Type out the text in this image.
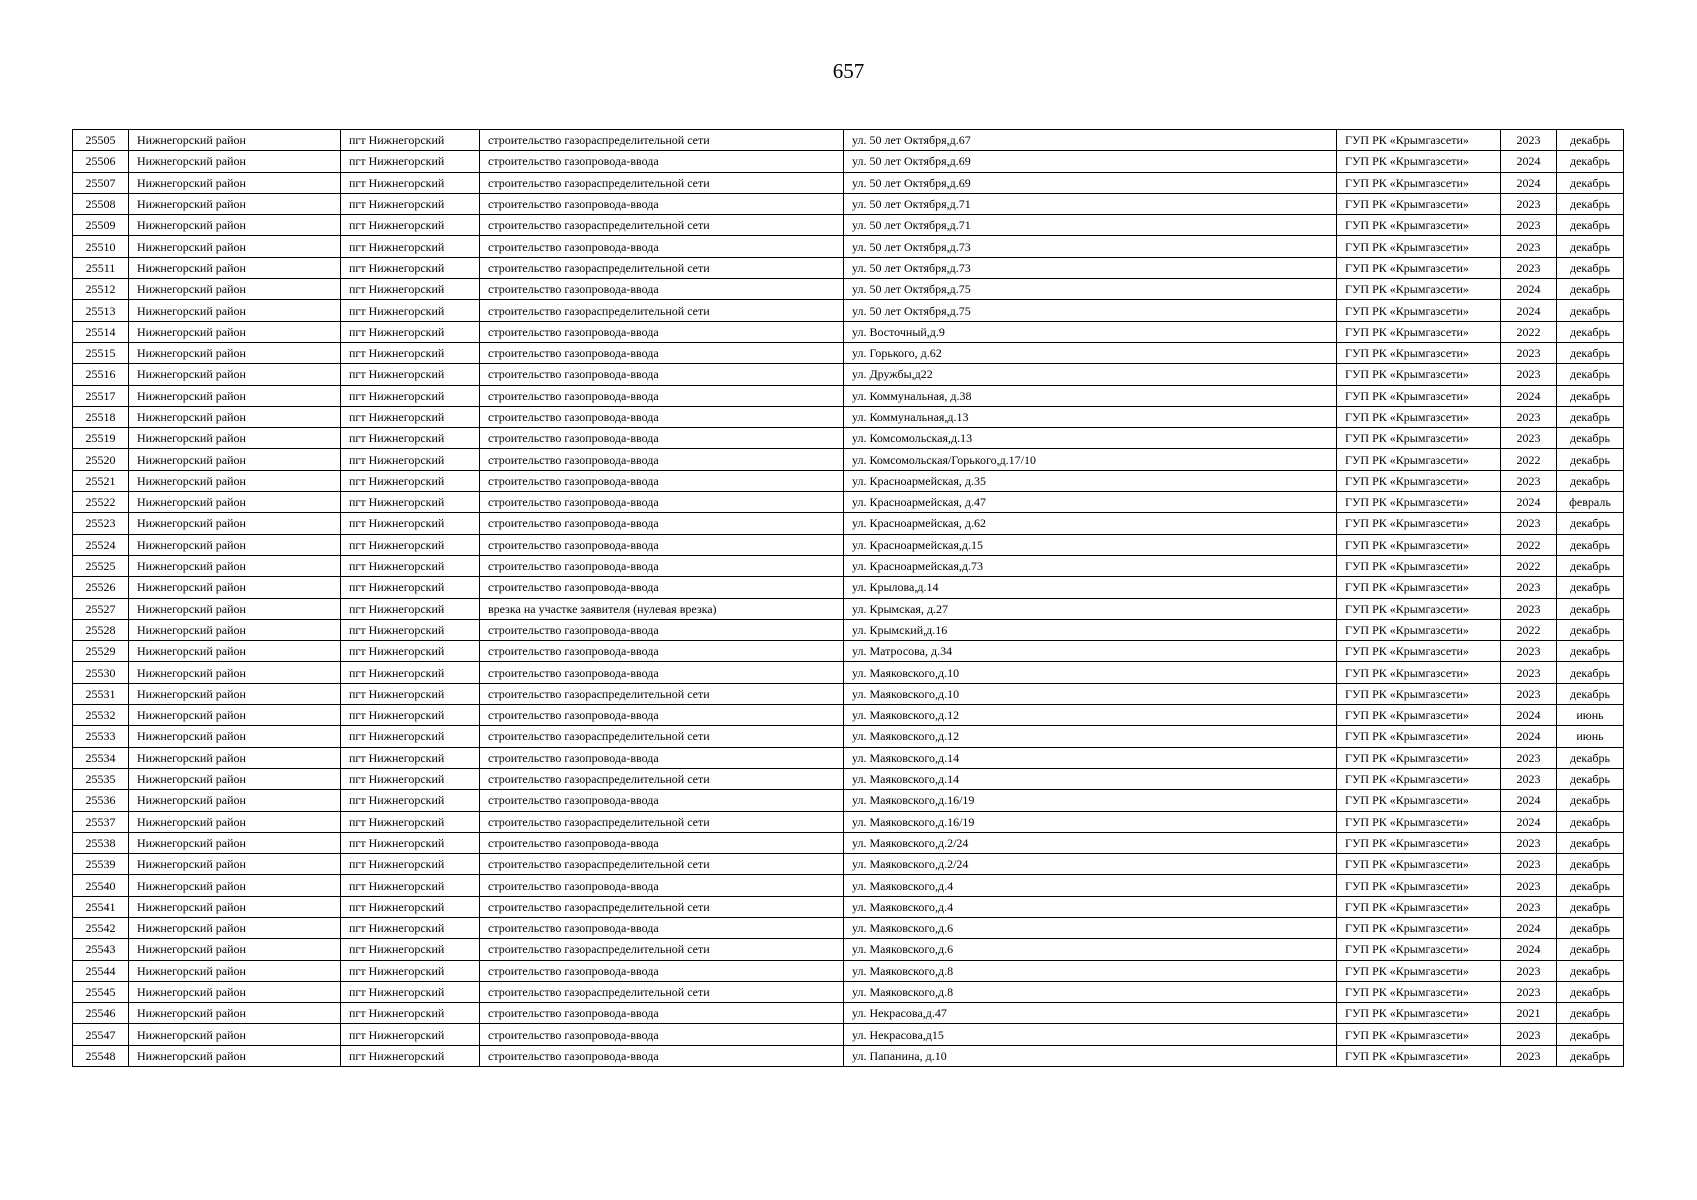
657
25505	Нижнегорский район	пгт Нижнегорский	строительство газораспределительной сети	ул. 50 лет Октября,д.67	ГУП РК «Крымгазсети»	2023	декабрь
25506	Нижнегорский район	пгт Нижнегорский	строительство газопровода-ввода	ул. 50 лет Октября,д.69	ГУП РК «Крымгазсети»	2024	декабрь
25507	Нижнегорский район	пгт Нижнегорский	строительство газораспределительной сети	ул. 50 лет Октября,д.69	ГУП РК «Крымгазсети»	2024	декабрь
25508	Нижнегорский район	пгт Нижнегорский	строительство газопровода-ввода	ул. 50 лет Октября,д.71	ГУП РК «Крымгазсети»	2023	декабрь
25509	Нижнегорский район	пгт Нижнегорский	строительство газораспределительной сети	ул. 50 лет Октября,д.71	ГУП РК «Крымгазсети»	2023	декабрь
25510	Нижнегорский район	пгт Нижнегорский	строительство газопровода-ввода	ул. 50 лет Октября,д.73	ГУП РК «Крымгазсети»	2023	декабрь
25511	Нижнегорский район	пгт Нижнегорский	строительство газораспределительной сети	ул. 50 лет Октября,д.73	ГУП РК «Крымгазсети»	2023	декабрь
25512	Нижнегорский район	пгт Нижнегорский	строительство газопровода-ввода	ул. 50 лет Октября,д.75	ГУП РК «Крымгазсети»	2024	декабрь
25513	Нижнегорский район	пгт Нижнегорский	строительство газораспределительной сети	ул. 50 лет Октября,д.75	ГУП РК «Крымгазсети»	2024	декабрь
25514	Нижнегорский район	пгт Нижнегорский	строительство газопровода-ввода	ул. Восточный,д.9	ГУП РК «Крымгазсети»	2022	декабрь
25515	Нижнегорский район	пгт Нижнегорский	строительство газопровода-ввода	ул. Горького, д.62	ГУП РК «Крымгазсети»	2023	декабрь
25516	Нижнегорский район	пгт Нижнегорский	строительство газопровода-ввода	ул. Дружбы,д22	ГУП РК «Крымгазсети»	2023	декабрь
25517	Нижнегорский район	пгт Нижнегорский	строительство газопровода-ввода	ул. Коммунальная, д.38	ГУП РК «Крымгазсети»	2024	декабрь
25518	Нижнегорский район	пгт Нижнегорский	строительство газопровода-ввода	ул. Коммунальная,д.13	ГУП РК «Крымгазсети»	2023	декабрь
25519	Нижнегорский район	пгт Нижнегорский	строительство газопровода-ввода	ул. Комсомольская,д.13	ГУП РК «Крымгазсети»	2023	декабрь
25520	Нижнегорский район	пгт Нижнегорский	строительство газопровода-ввода	ул. Комсомольская/Горького,д.17/10	ГУП РК «Крымгазсети»	2022	декабрь
25521	Нижнегорский район	пгт Нижнегорский	строительство газопровода-ввода	ул. Красноармейская, д.35	ГУП РК «Крымгазсети»	2023	декабрь
25522	Нижнегорский район	пгт Нижнегорский	строительство газопровода-ввода	ул. Красноармейская, д.47	ГУП РК «Крымгазсети»	2024	февраль
25523	Нижнегорский район	пгт Нижнегорский	строительство газопровода-ввода	ул. Красноармейская, д.62	ГУП РК «Крымгазсети»	2023	декабрь
25524	Нижнегорский район	пгт Нижнегорский	строительство газопровода-ввода	ул. Красноармейская,д.15	ГУП РК «Крымгазсети»	2022	декабрь
25525	Нижнегорский район	пгт Нижнегорский	строительство газопровода-ввода	ул. Красноармейская,д.73	ГУП РК «Крымгазсети»	2022	декабрь
25526	Нижнегорский район	пгт Нижнегорский	строительство газопровода-ввода	ул. Крылова,д.14	ГУП РК «Крымгазсети»	2023	декабрь
25527	Нижнегорский район	пгт Нижнегорский	врезка на участке заявителя (нулевая врезка)	ул. Крымская, д.27	ГУП РК «Крымгазсети»	2023	декабрь
25528	Нижнегорский район	пгт Нижнегорский	строительство газопровода-ввода	ул. Крымский,д.16	ГУП РК «Крымгазсети»	2022	декабрь
25529	Нижнегорский район	пгт Нижнегорский	строительство газопровода-ввода	ул. Матросова, д.34	ГУП РК «Крымгазсети»	2023	декабрь
25530	Нижнегорский район	пгт Нижнегорский	строительство газопровода-ввода	ул. Маяковского,д.10	ГУП РК «Крымгазсети»	2023	декабрь
25531	Нижнегорский район	пгт Нижнегорский	строительство газораспределительной сети	ул. Маяковского,д.10	ГУП РК «Крымгазсети»	2023	декабрь
25532	Нижнегорский район	пгт Нижнегорский	строительство газопровода-ввода	ул. Маяковского,д.12	ГУП РК «Крымгазсети»	2024	июнь
25533	Нижнегорский район	пгт Нижнегорский	строительство газораспределительной сети	ул. Маяковского,д.12	ГУП РК «Крымгазсети»	2024	июнь
25534	Нижнегорский район	пгт Нижнегорский	строительство газопровода-ввода	ул. Маяковского,д.14	ГУП РК «Крымгазсети»	2023	декабрь
25535	Нижнегорский район	пгт Нижнегорский	строительство газораспределительной сети	ул. Маяковского,д.14	ГУП РК «Крымгазсети»	2023	декабрь
25536	Нижнегорский район	пгт Нижнегорский	строительство газопровода-ввода	ул. Маяковского,д.16/19	ГУП РК «Крымгазсети»	2024	декабрь
25537	Нижнегорский район	пгт Нижнегорский	строительство газораспределительной сети	ул. Маяковского,д.16/19	ГУП РК «Крымгазсети»	2024	декабрь
25538	Нижнегорский район	пгт Нижнегорский	строительство газопровода-ввода	ул. Маяковского,д.2/24	ГУП РК «Крымгазсети»	2023	декабрь
25539	Нижнегорский район	пгт Нижнегорский	строительство газораспределительной сети	ул. Маяковского,д.2/24	ГУП РК «Крымгазсети»	2023	декабрь
25540	Нижнегорский район	пгт Нижнегорский	строительство газопровода-ввода	ул. Маяковского,д.4	ГУП РК «Крымгазсети»	2023	декабрь
25541	Нижнегорский район	пгт Нижнегорский	строительство газораспределительной сети	ул. Маяковского,д.4	ГУП РК «Крымгазсети»	2023	декабрь
25542	Нижнегорский район	пгт Нижнегорский	строительство газопровода-ввода	ул. Маяковского,д.6	ГУП РК «Крымгазсети»	2024	декабрь
25543	Нижнегорский район	пгт Нижнегорский	строительство газораспределительной сети	ул. Маяковского,д.6	ГУП РК «Крымгазсети»	2024	декабрь
25544	Нижнегорский район	пгт Нижнегорский	строительство газопровода-ввода	ул. Маяковского,д.8	ГУП РК «Крымгазсети»	2023	декабрь
25545	Нижнегорский район	пгт Нижнегорский	строительство газораспределительной сети	ул. Маяковского,д.8	ГУП РК «Крымгазсети»	2023	декабрь
25546	Нижнегорский район	пгт Нижнегорский	строительство газопровода-ввода	ул. Некрасова,д.47	ГУП РК «Крымгазсети»	2021	декабрь
25547	Нижнегорский район	пгт Нижнегорский	строительство газопровода-ввода	ул. Некрасова,д15	ГУП РК «Крымгазсети»	2023	декабрь
25548	Нижнегорский район	пгт Нижнегорский	строительство газопровода-ввода	ул. Папанина, д.10	ГУП РК «Крымгазсети»	2023	декабрь
